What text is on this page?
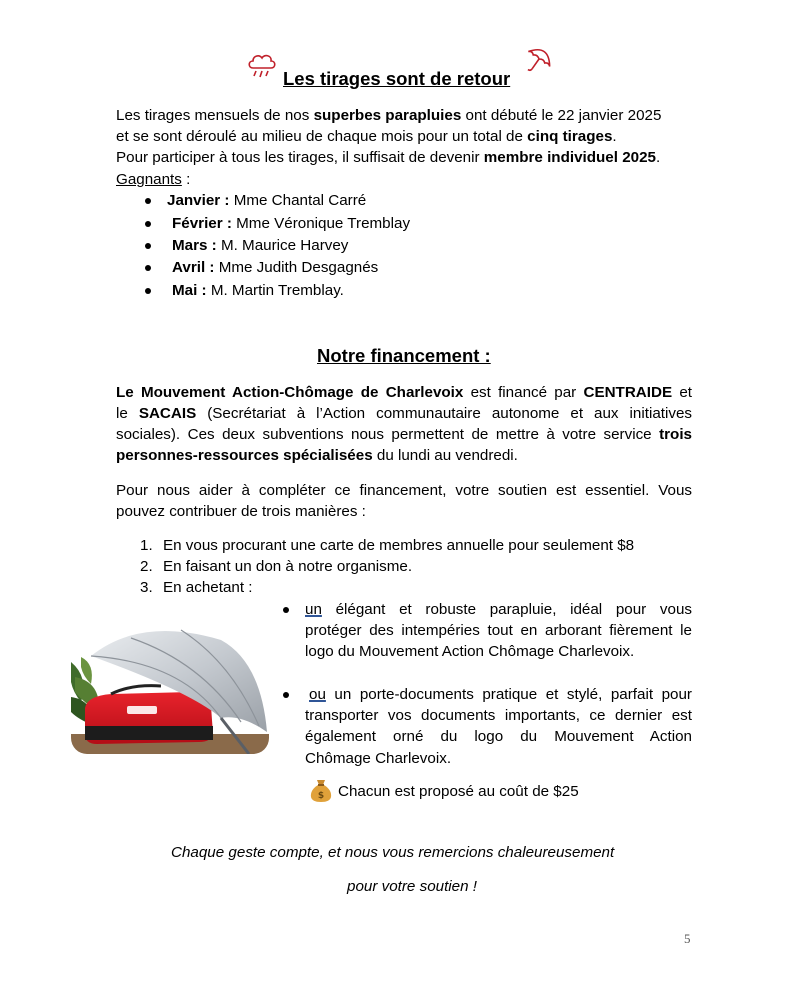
Les tirages sont de retour
Les tirages mensuels de nos superbes parapluies ont débuté le 22 janvier 2025
et se sont déroulé au milieu de chaque mois pour un total de cinq tirages.
Pour participer à tous les tirages, il suffisait de devenir membre individuel 2025.
Gagnants :
Janvier : Mme Chantal Carré
Février : Mme Véronique Tremblay
Mars : M. Maurice Harvey
Avril : Mme Judith Desgagnés
Mai : M. Martin Tremblay.
Notre financement :
Le Mouvement Action-Chômage de Charlevoix est financé par CENTRAIDE et
le SACAIS (Secrétariat à l’Action communautaire autonome et aux initiatives
sociales). Ces deux subventions nous permettent de mettre à votre service trois
personnes-ressources spécialisées du lundi au vendredi.
Pour nous aider à compléter ce financement, votre soutien est essentiel. Vous
pouvez contribuer de trois manières :
1. En vous procurant une carte de membres annuelle pour seulement $8
2. En faisant un don à notre organisme.
3. En achetant :
un élégant et robuste parapluie, idéal pour vous
protéger des intempéries tout en arborant fièrement le
logo du Mouvement Action Chômage Charlevoix.
ou un porte-documents pratique et stylé, parfait pour
transporter vos documents importants, ce dernier est
également orné du logo du Mouvement Action
Chômage Charlevoix.
$ Chacun est proposé au coût de $25
Chaque geste compte, et nous vous remercions chaleureusement
pour votre soutien !
5
